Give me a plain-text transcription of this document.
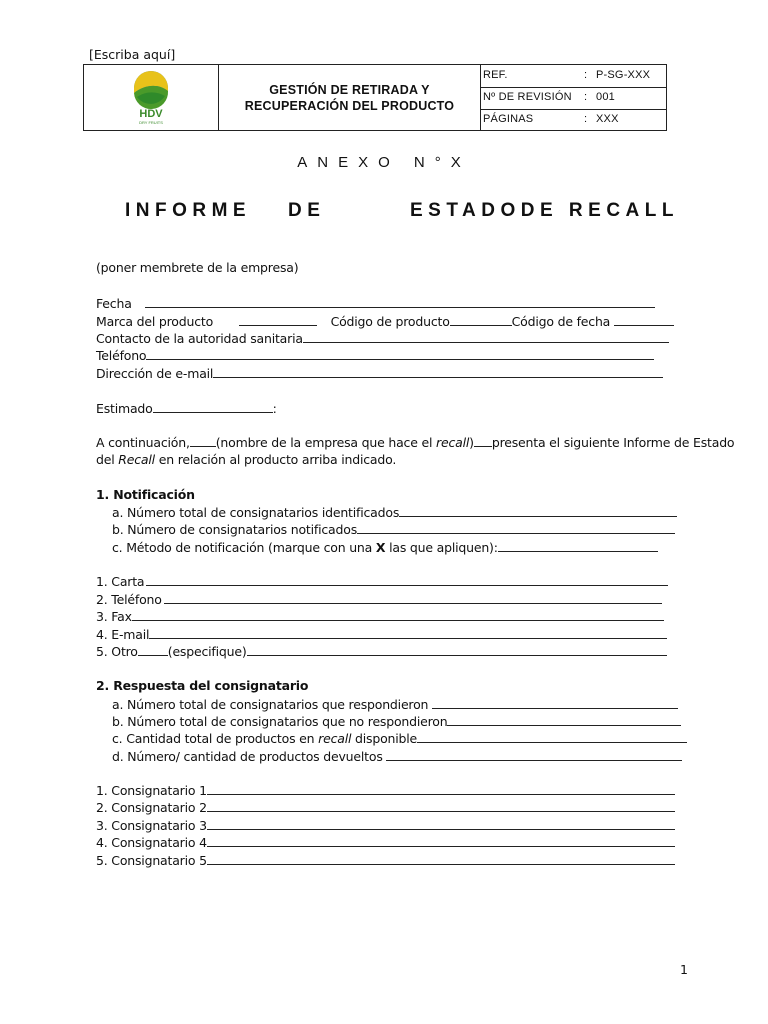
[Escriba aquí]
HDV
DRY FRUITS
GESTIÓN DE RETIRADA Y
RECUPERACIÓN DEL PRODUCTO
REF.	: P-SG-XXX
Nº DE REVISIÓN : 001
PÁGINAS	: XXX
ANEXO N°X
INFORME DE	ESTADODE RECALL
(poner membrete de la empresa)
Fecha
Marca del producto	Código de producto	Código de fecha
Contacto de la autoridad sanitaria
Teléfono
Dirección de e-mail
Estimado	:
A continuación, (nombre de la empresa que hace el recall) presenta el siguiente Informe de Estado
del Recall en relación al producto arriba indicado.
1. Notificación
a. Número total de consignatarios identificados
b. Número de consignatarios notificados
c. Método de notificación (marque con una X las que apliquen):
1. Carta
2. Teléfono
3. Fax
4. E-mail
5. Otro (especifique)
2. Respuesta del consignatario
a. Número total de consignatarios que respondieron
b. Número total de consignatarios que no respondieron
c. Cantidad total de productos en recall disponible
d. Número/ cantidad de productos devueltos
1. Consignatario 1
2. Consignatario 2
3. Consignatario 3
4. Consignatario 4
5. Consignatario 5
1
